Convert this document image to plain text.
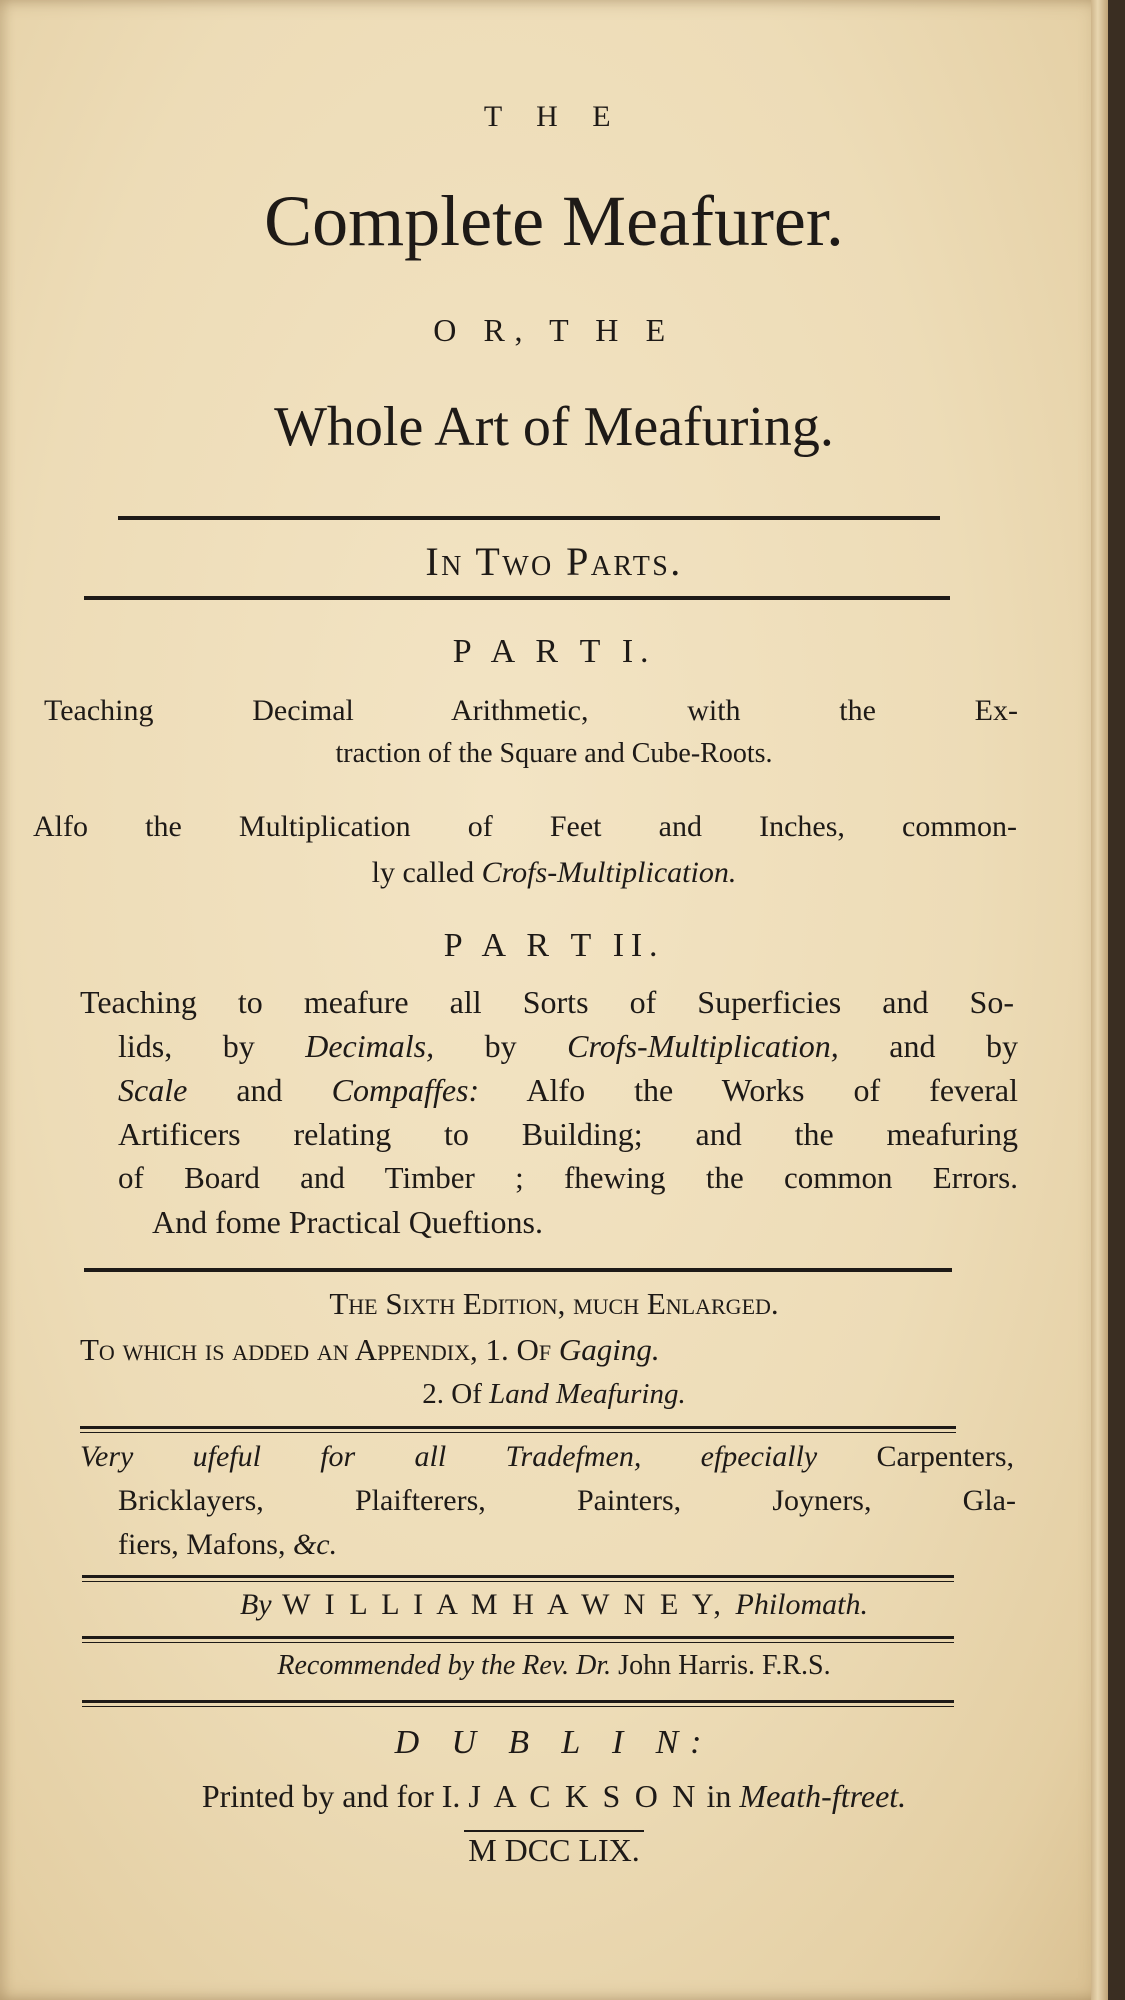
T H E
Complete Meafurer.
O R, T H E
Whole Art of Meafuring.
In Two Parts.
P A R T I.
Teaching Decimal Arithmetic, with the Ex-
traction of the Square and Cube-Roots.
Alfo the Multiplication of Feet and Inches, common-
ly called Crofs-Multiplication.
P A R T II.
Teaching to meafure all Sorts of Superficies and So-
lids, by Decimals, by Crofs-Multiplication, and by
Scale and Compaffes: Alfo the Works of feveral
Artificers relating to Building; and the meafuring
of Board and Timber ; fhewing the common Errors.
And fome Practical Queftions.
The Sixth Edition, much Enlarged.
To which is added an Appendix, 1. Of Gaging.
2. Of Land Meafuring.
Very ufeful for all Tradefmen, efpecially Carpenters,
Bricklayers, Plaifterers, Painters, Joyners, Gla-
fiers, Mafons, &c.
By W I L L I A M H A W N E Y, Philomath.
Recommended by the Rev. Dr. John Harris. F.R.S.
D U B L I N:
Printed by and for I. J A C K S O N in Meath-ftreet.
M DCC LIX.
